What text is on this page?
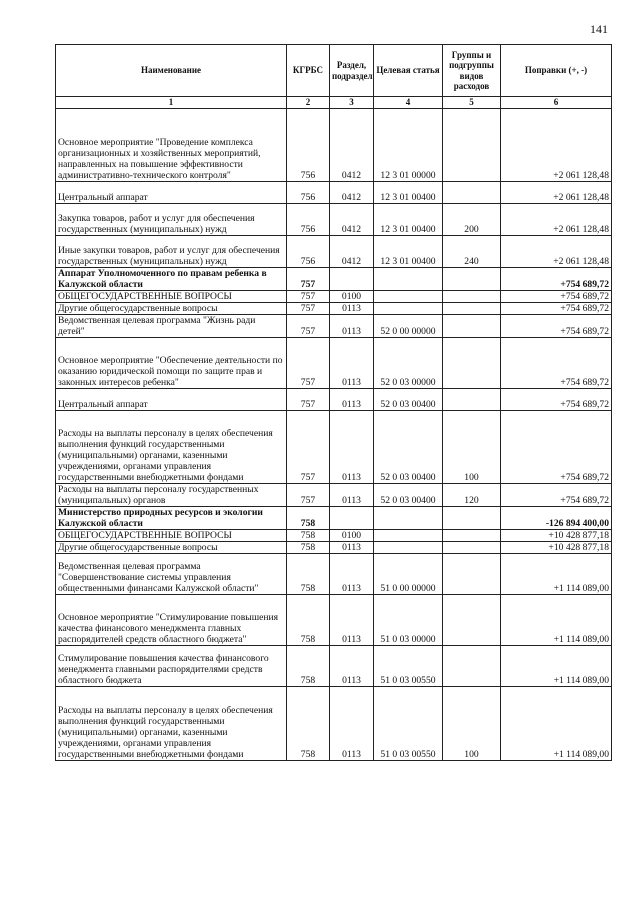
141
Наименование	КГРБС	Раздел, подраздел	Целевая статья	Группы и подгруппы видов расходов	Поправки (+, -)
1	2	3	4	5	6
Основное мероприятие "Проведение комплекса организационных и хозяйственных мероприятий, направленных на повышение эффективности административно-технического контроля"	756	0412	12 3 01 00000		+2 061 128,48
Центральный аппарат	756	0412	12 3 01 00400		+2 061 128,48
Закупка товаров, работ и услуг для обеспечения государственных (муниципальных) нужд	756	0412	12 3 01 00400	200	+2 061 128,48
Иные закупки товаров, работ и услуг для обеспечения государственных (муниципальных) нужд	756	0412	12 3 01 00400	240	+2 061 128,48
Аппарат Уполномоченного по правам ребенка в Калужской области	757				+754 689,72
ОБЩЕГОСУДАРСТВЕННЫЕ ВОПРОСЫ	757	0100			+754 689,72
Другие общегосударственные вопросы	757	0113			+754 689,72
Ведомственная целевая программа "Жизнь ради детей"	757	0113	52 0 00 00000		+754 689,72
Основное мероприятие "Обеспечение деятельности по оказанию юридической помощи по защите прав и законных интересов ребенка"	757	0113	52 0 03 00000		+754 689,72
Центральный аппарат	757	0113	52 0 03 00400		+754 689,72
Расходы на выплаты персоналу в целях обеспечения выполнения функций государственными (муниципальными) органами, казенными учреждениями, органами управления государственными внебюджетными фондами	757	0113	52 0 03 00400	100	+754 689,72
Расходы на выплаты персоналу государственных (муниципальных) органов	757	0113	52 0 03 00400	120	+754 689,72
Министерство природных ресурсов и экологии Калужской области	758				-126 894 400,00
ОБЩЕГОСУДАРСТВЕННЫЕ ВОПРОСЫ	758	0100			+10 428 877,18
Другие общегосударственные вопросы	758	0113			+10 428 877,18
Ведомственная целевая программа "Совершенствование системы управления общественными финансами Калужской области"	758	0113	51 0 00 00000		+1 114 089,00
Основное мероприятие "Стимулирование повышения качества финансового менеджмента главных распорядителей средств областного бюджета"	758	0113	51 0 03 00000		+1 114 089,00
Стимулирование повышения качества финансового менеджмента главными распорядителями средств областного бюджета	758	0113	51 0 03 00550		+1 114 089,00
Расходы на выплаты персоналу в целях обеспечения выполнения функций государственными (муниципальными) органами, казенными учреждениями, органами управления государственными внебюджетными фондами	758	0113	51 0 03 00550	100	+1 114 089,00
